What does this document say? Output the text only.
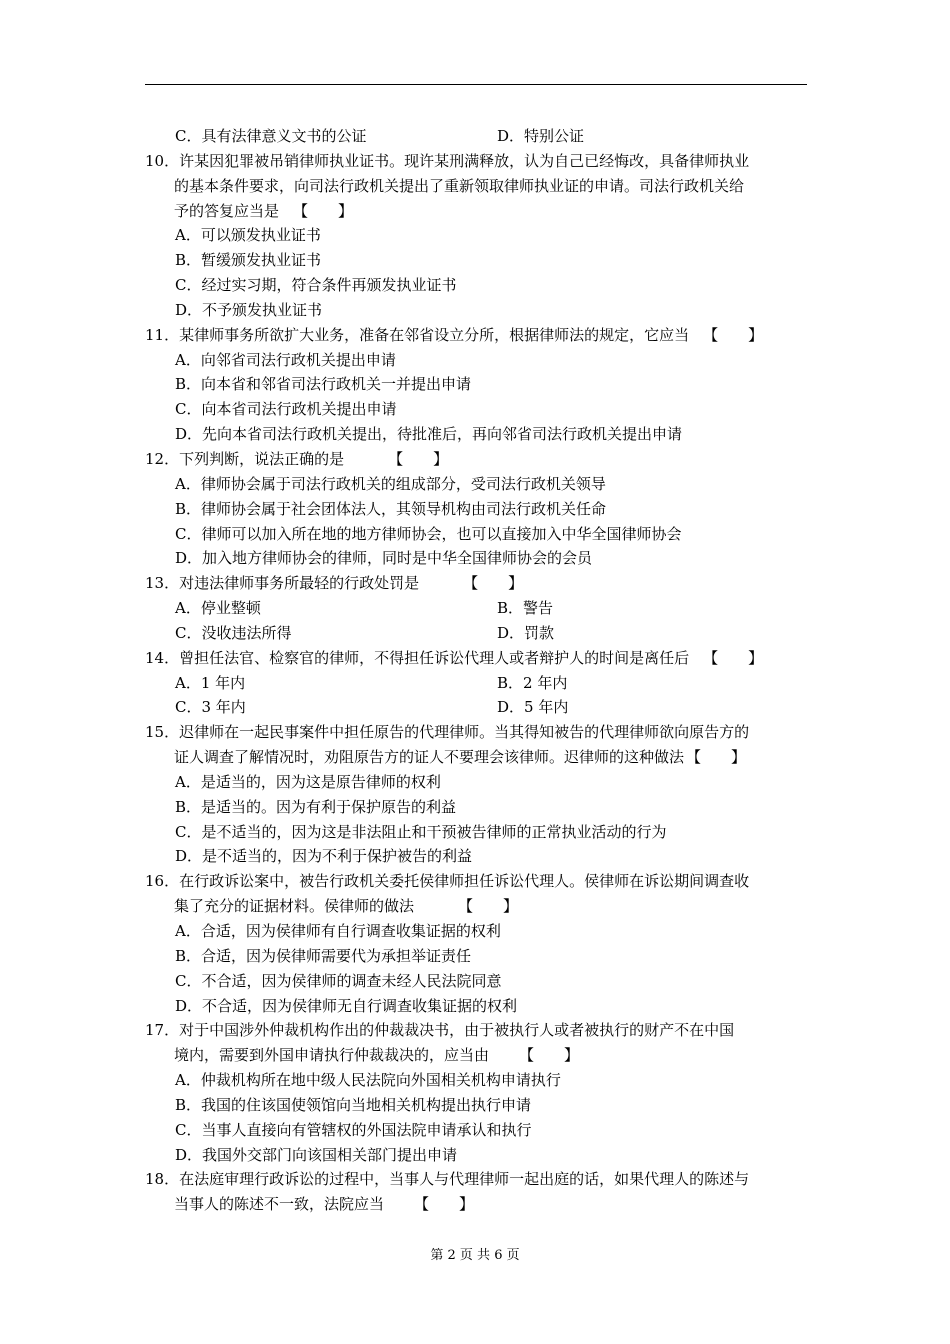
C．具有法律意义文书的公证	D．特别公证
10．许某因犯罪被吊销律师执业证书。现许某刑满释放，认为自己已经悔改，具备律师执业
的基本条件要求，向司法行政机关提出了重新领取律师执业证的申请。司法行政机关给
予的答复应当是 【　　】
A．可以颁发执业证书
B．暂缓颁发执业证书
C．经过实习期，符合条件再颁发执业证书
D．不予颁发执业证书
11．某律师事务所欲扩大业务，准备在邻省设立分所，根据律师法的规定，它应当 【　　】
A．向邻省司法行政机关提出申请
B．向本省和邻省司法行政机关一并提出申请
C．向本省司法行政机关提出申请
D．先向本省司法行政机关提出，待批准后，再向邻省司法行政机关提出申请
12．下列判断，说法正确的是	【　　】
A．律师协会属于司法行政机关的组成部分，受司法行政机关领导
B．律师协会属于社会团体法人，其领导机构由司法行政机关任命
C．律师可以加入所在地的地方律师协会，也可以直接加入中华全国律师协会
D．加入地方律师协会的律师，同时是中华全国律师协会的会员
13．对违法律师事务所最轻的行政处罚是	【　　】
A．停业整顿	B．警告
C．没收违法所得	D．罚款
14．曾担任法官、检察官的律师，不得担任诉讼代理人或者辩护人的时间是离任后 【　　】
A．1 年内	B．2 年内
C．3 年内	D．5 年内
15．迟律师在一起民事案件中担任原告的代理律师。当其得知被告的代理律师欲向原告方的
证人调查了解情况时，劝阻原告方的证人不要理会该律师。迟律师的这种做法 【　　】
A．是适当的，因为这是原告律师的权利
B．是适当的。因为有利于保护原告的利益
C．是不适当的，因为这是非法阻止和干预被告律师的正常执业活动的行为
D．是不适当的，因为不利于保护被告的利益
16．在行政诉讼案中，被告行政机关委托侯律师担任诉讼代理人。侯律师在诉讼期间调查收
集了充分的证据材料。侯律师的做法	【　　】
A．合适，因为侯律师有自行调查收集证据的权利
B．合适，因为侯律师需要代为承担举证责任
C．不合适，因为侯律师的调查未经人民法院同意
D．不合适，因为侯律师无自行调查收集证据的权利
17．对于中国涉外仲裁机构作出的仲裁裁决书，由于被执行人或者被执行的财产不在中国
境内，需要到外国申请执行仲裁裁决的，应当由 【　　】
A．仲裁机构所在地中级人民法院向外国相关机构申请执行
B．我国的住该国使领馆向当地相关机构提出执行申请
C．当事人直接向有管辖权的外国法院申请承认和执行
D．我国外交部门向该国相关部门提出申请
18．在法庭审理行政诉讼的过程中，当事人与代理律师一起出庭的话，如果代理人的陈述与
当事人的陈述不一致，法院应当 【　　】
第 2 页 共 6 页
